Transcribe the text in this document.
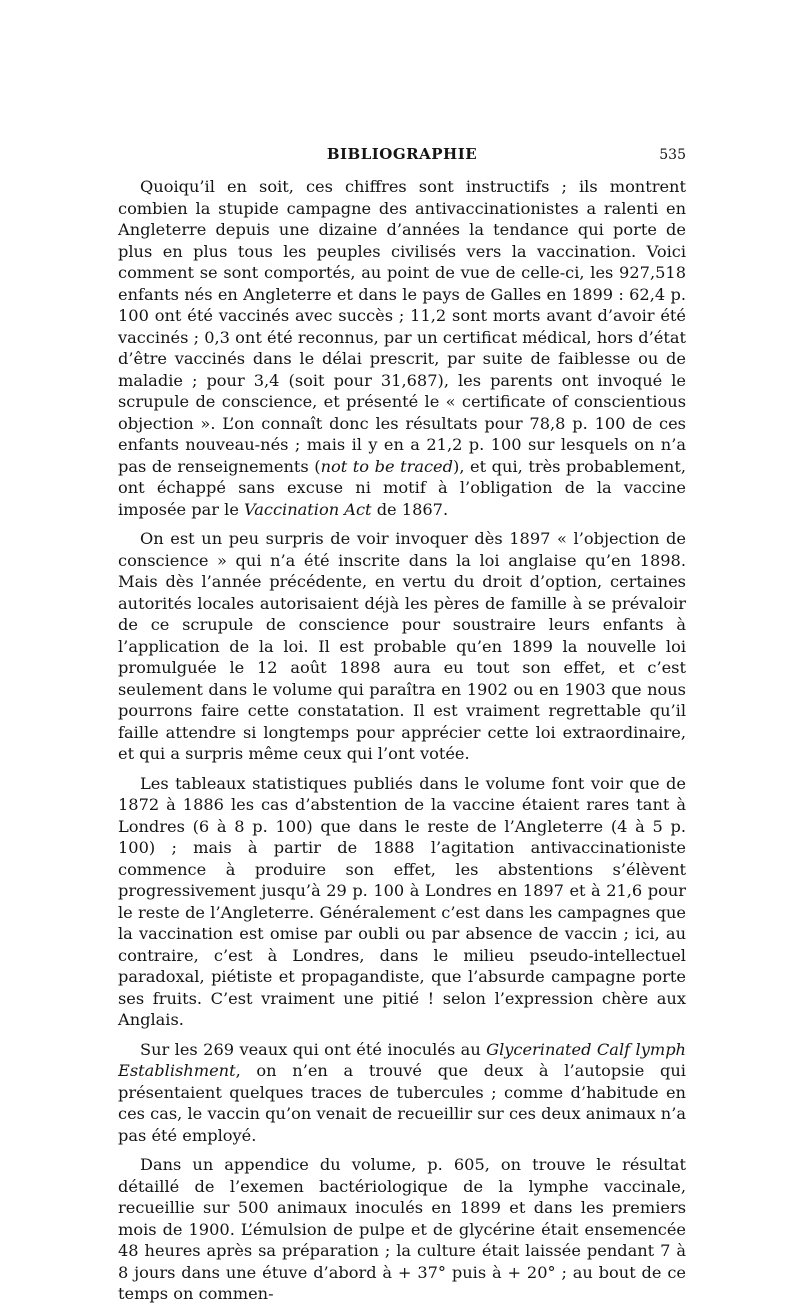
BIBLIOGRAPHIE	535

Quoiqu’il en soit, ces chiffres sont instructifs ; ils montrent combien la stupide campagne des antivaccinationistes a ralenti en Angleterre depuis une dizaine d’années la tendance qui porte de plus en plus tous les peuples civilisés vers la vaccination. Voici comment se sont comportés, au point de vue de celle-ci, les 927,518 enfants nés en Angleterre et dans le pays de Galles en 1899 : 62,4 p. 100 ont été vaccinés avec succès ; 11,2 sont morts avant d’avoir été vaccinés ; 0,3 ont été reconnus, par un certificat médical, hors d’état d’être vaccinés dans le délai prescrit, par suite de faiblesse ou de maladie ; pour 3,4 (soit pour 31,687), les parents ont invoqué le scrupule de conscience, et présenté le « certificate of conscientious objection ». L’on connaît donc les résultats pour 78,8 p. 100 de ces enfants nouveau-nés ; mais il y en a 21,2 p. 100 sur lesquels on n’a pas de renseignements (not to be traced), et qui, très probablement, ont échappé sans excuse ni motif à l’obligation de la vaccine imposée par le Vaccination Act de 1867.

On est un peu surpris de voir invoquer dès 1897 « l’objection de conscience » qui n’a été inscrite dans la loi anglaise qu’en 1898. Mais dès l’année précédente, en vertu du droit d’option, certaines autorités locales autorisaient déjà les pères de famille à se prévaloir de ce scrupule de conscience pour soustraire leurs enfants à l’application de la loi. Il est probable qu’en 1899 la nouvelle loi promulguée le 12 août 1898 aura eu tout son effet, et c’est seulement dans le volume qui paraîtra en 1902 ou en 1903 que nous pourrons faire cette constatation. Il est vraiment regrettable qu’il faille attendre si longtemps pour apprécier cette loi extraordinaire, et qui a surpris même ceux qui l’ont votée.

Les tableaux statistiques publiés dans le volume font voir que de 1872 à 1886 les cas d’abstention de la vaccine étaient rares tant à Londres (6 à 8 p. 100) que dans le reste de l’Angleterre (4 à 5 p. 100) ; mais à partir de 1888 l’agitation antivaccinationiste commence à produire son effet, les abstentions s’élèvent progressivement jusqu’à 29 p. 100 à Londres en 1897 et à 21,6 pour le reste de l’Angleterre. Généralement c’est dans les campagnes que la vaccination est omise par oubli ou par absence de vaccin ; ici, au contraire, c’est à Londres, dans le milieu pseudo-intellectuel paradoxal, piétiste et propagandiste, que l’absurde campagne porte ses fruits. C’est vraiment une pitié ! selon l’expression chère aux Anglais.

Sur les 269 veaux qui ont été inoculés au Glycerinated Calf lymph Establishment, on n’en a trouvé que deux à l’autopsie qui présentaient quelques traces de tubercules ; comme d’habitude en ces cas, le vaccin qu’on venait de recueillir sur ces deux animaux n’a pas été employé.

Dans un appendice du volume, p. 605, on trouve le résultat détaillé de l’exemen bactériologique de la lymphe vaccinale, recueillie sur 500 animaux inoculés en 1899 et dans les premiers mois de 1900. L’émulsion de pulpe et de glycérine était ensemencée 48 heures après sa préparation ; la culture était laissée pendant 7 à 8 jours dans une étuve d’abord à + 37° puis à + 20° ; au bout de ce temps on commen-
